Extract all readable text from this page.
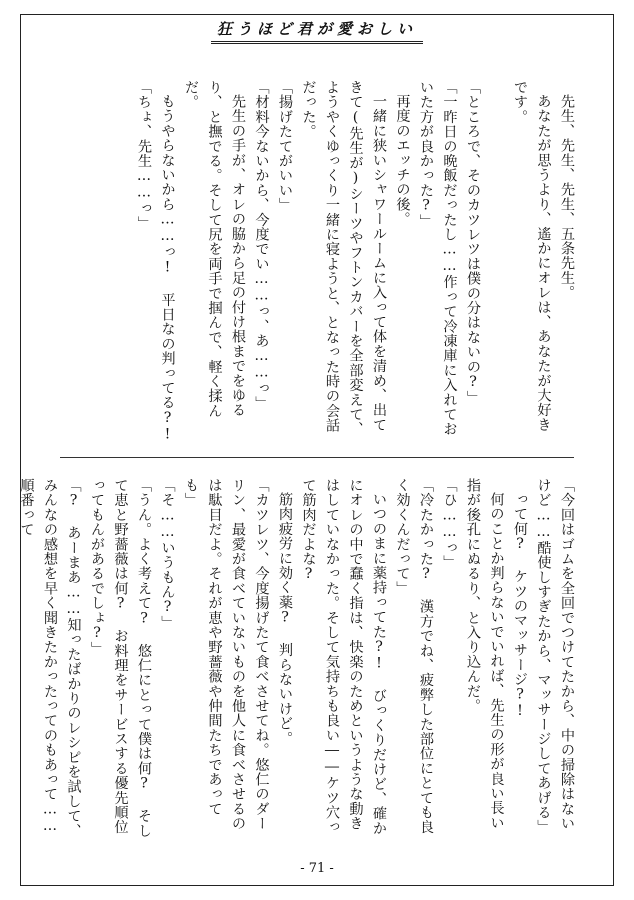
狂うほど君が愛おしい

先生、先生、先生、五条先生。

あなたが思うより、遙かにオレは、あなたが大好きです。

「ところで、そのカツレツは僕の分はないの?」

「一昨日の晩飯だったし……作って冷凍庫に入れておいた方が良かった?」

再度のエッチの後。

一緒に狭いシャワールームに入って体を清め、出てきて(先生が)シーツやフトンカバーを全部変えて、ようやくゆっくり一緒に寝ようと、となった時の会話だった。

「揚げたてがいい」

「材料今ないから、今度でい……っ、あ……っ」

先生の手が、オレの脇から足の付け根までをゆるり、と撫でる。そして尻を両手で掴んで、軽く揉んだ。

もうやらないから……っ! 平日なの判ってる?!

「ちょ、先生……っ」

「今回はゴムを全回でつけてたから、中の掃除はないけど……酷使しすぎたから、マッサージしてあげる」

って何? ケツのマッサージ?!

何のことか判らないでいれば、先生の形が良い長い指が後孔にぬるり、と入り込んだ。

「ひ……っ」

「冷たかった? 漢方でね、疲弊した部位にとても良く効くんだって」

いつのまに薬持ってた?! びっくりだけど、確かにオレの中で蠢く指は、快楽のためというような動きはしていなかった。そして気持ちも良い――ケツ穴って筋肉だよな?

筋肉疲労に効く薬? 判らないけど。

「カツレツ、今度揚げたて食べさせてね。悠仁のダーリン、最愛が食べていないものを他人に食べさせるのは駄目だよ。それが恵や野薔薇や仲間たちであっても」

「そ……いうもん?」

「うん。よく考えて? 悠仁にとって僕は何? そして恵と野薔薇は何? お料理をサービスする優先順位ってもんがあるでしょ?」

「? あーまあ……知ったばかりのレシピを試して、みんなの感想を早く聞きたかったってのもあって……順番って

- 71 -
